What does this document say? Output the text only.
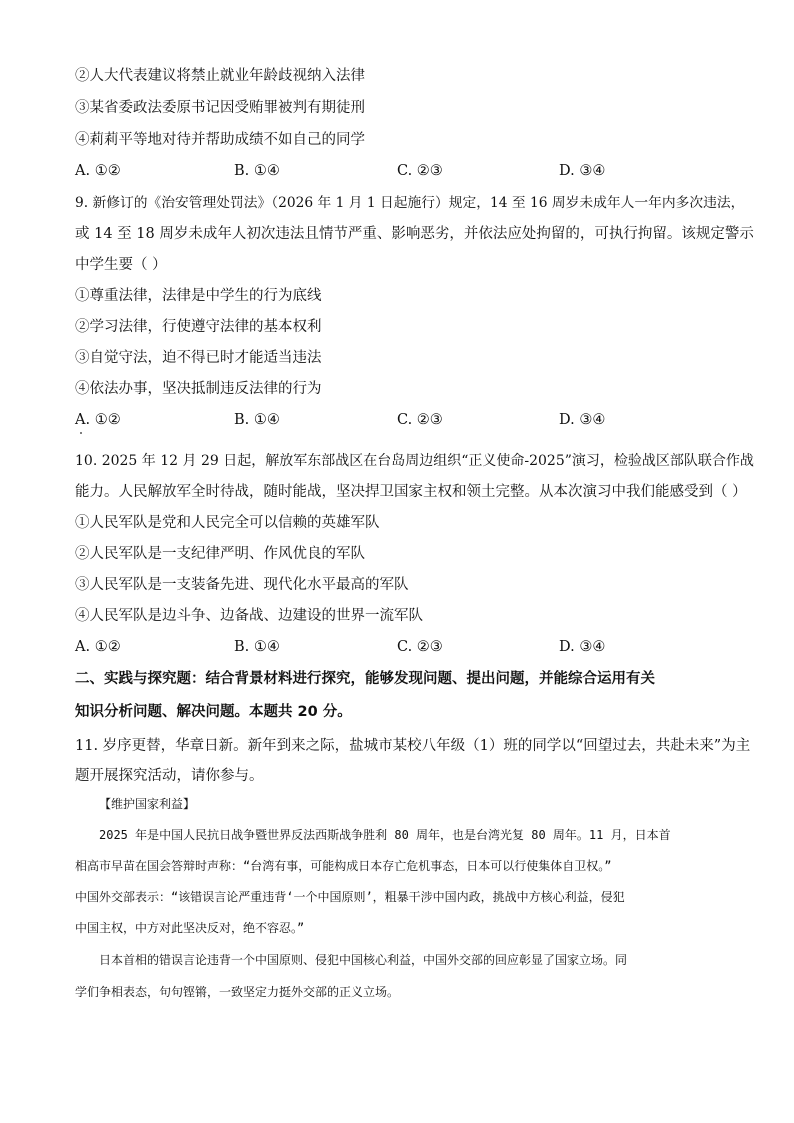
②人大代表建议将禁止就业年龄歧视纳入法律
③某省委政法委原书记因受贿罪被判有期徒刑
④莉莉平等地对待并帮助成绩不如自己的同学
A. ①②	B. ①④	C. ②③	D. ③④
9. 新修订的《治安管理处罚法》（2026 年 1 月 1 日起施行）规定，14 至 16 周岁未成年人一年内多次违法，
或 14 至 18 周岁未成年人初次违法且情节严重、影响恶劣，并依法应处拘留的，可执行拘留。该规定警示
中学生要（ ）
①尊重法律，法律是中学生的行为底线
②学习法律，行使遵守法律的基本权利
③自觉守法，迫不得已时才能适当违法
④依法办事，坚决抵制违反法律的行为
A. ①②	B. ①④	C. ②③	D. ③④
10. 2025 年 12 月 29 日起，解放军东部战区在台岛周边组织“正义使命-2025”演习，检验战区部队联合作战
能力。人民解放军全时待战，随时能战，坚决捍卫国家主权和领土完整。从本次演习中我们能感受到（ ）
①人民军队是党和人民完全可以信赖的英雄军队
②人民军队是一支纪律严明、作风优良的军队
③人民军队是一支装备先进、现代化水平最高的军队
④人民军队是边斗争、边备战、边建设的世界一流军队
A. ①②	B. ①④	C. ②③	D. ③④
二、实践与探究题：结合背景材料进行探究，能够发现问题、提出问题，并能综合运用有关
知识分析问题、解决问题。本题共 20 分。
11. 岁序更替，华章日新。新年到来之际，盐城市某校八年级（1）班的同学以“回望过去，共赴未来”为主
题开展探究活动，请你参与。
【维护国家利益】
2025 年是中国人民抗日战争暨世界反法西斯战争胜利 80 周年，也是台湾光复 80 周年。11 月，日本首
相高市早苗在国会答辩时声称：“台湾有事，可能构成日本存亡危机事态，日本可以行使集体自卫权。”
中国外交部表示：“该错误言论严重违背‘一个中国原则’，粗暴干涉中国内政，挑战中方核心利益，侵犯
中国主权，中方对此坚决反对，绝不容忍。”
日本首相的错误言论违背一个中国原则、侵犯中国核心利益，中国外交部的回应彰显了国家立场。同
学们争相表态，句句铿锵，一致坚定力挺外交部的正义立场。
